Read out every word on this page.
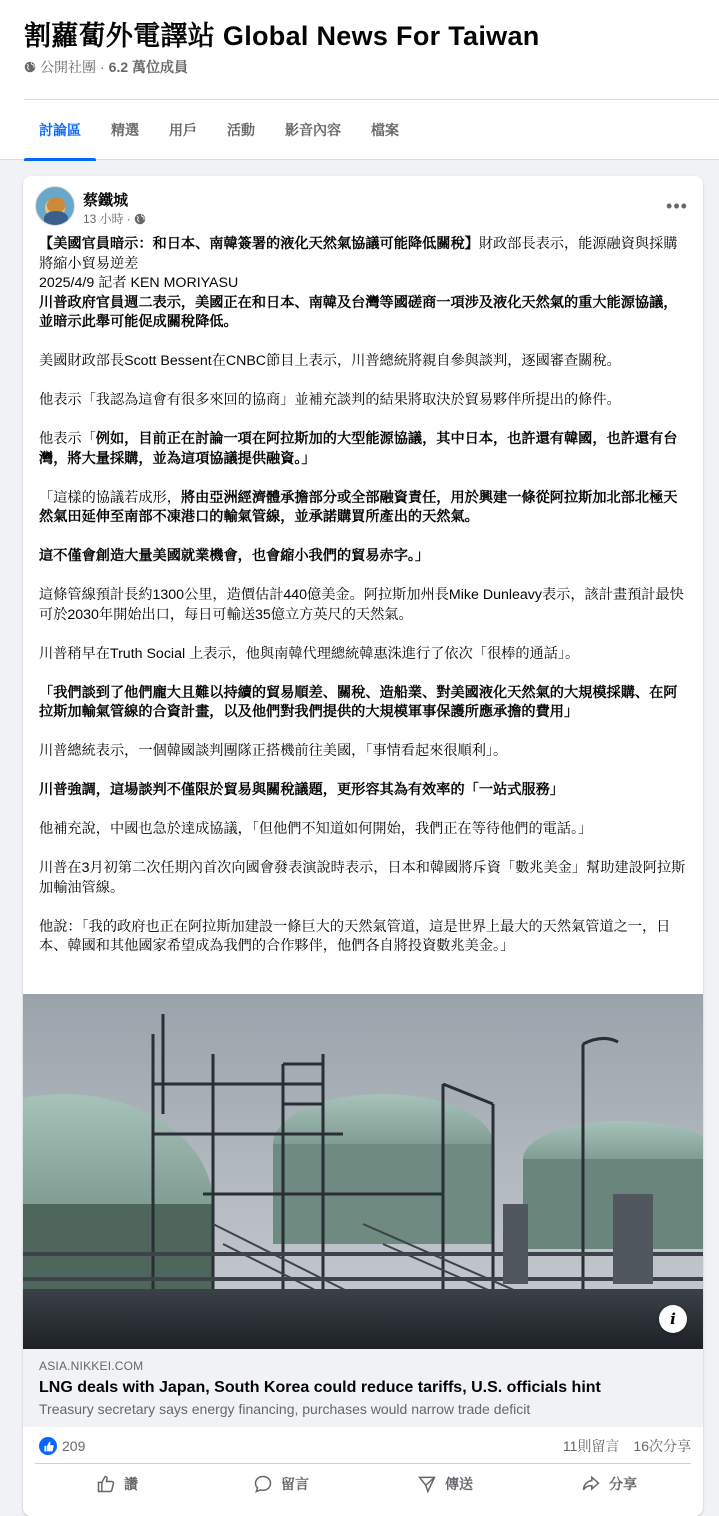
割蘿蔔外電譯站 Global News For Taiwan
公開社團 · 6.2 萬位成員
討論區	精選	用戶	活動	影音內容	檔案
蔡鐵城
13 小時 ·
•••
【美國官員暗示：和日本、南韓簽署的液化天然氣協議可能降低關稅】財政部長表示，能源融資與採購將縮小貿易逆差
2025/4/9 記者 KEN MORIYASU
川普政府官員週二表示，美國正在和日本、南韓及台灣等國磋商一項涉及液化天然氣的重大能源協議，並暗示此舉可能促成關稅降低。
美國財政部長Scott Bessent在CNBC節目上表示，川普總統將親自參與談判，逐國審查關稅。
他表示「我認為這會有很多來回的協商」並補充談判的結果將取決於貿易夥伴所提出的條件。
他表示「例如，目前正在討論一項在阿拉斯加的大型能源協議，其中日本，也許還有韓國，也許還有台灣，將大量採購，並為這項協議提供融資。」
「這樣的協議若成形，將由亞洲經濟體承擔部分或全部融資責任，用於興建一條從阿拉斯加北部北極天然氣田延伸至南部不凍港口的輸氣管線，並承諾購買所產出的天然氣。
這不僅會創造大量美國就業機會，也會縮小我們的貿易赤字。」
這條管線預計長約1300公里，造價估計440億美金。阿拉斯加州長Mike Dunleavy表示，該計畫預計最快可於2030年開始出口，每日可輸送35億立方英尺的天然氣。
川普稍早在Truth Social 上表示，他與南韓代理總統韓惠洙進行了依次「很棒的通話」。
「我們談到了他們龐大且難以持續的貿易順差、關稅、造船業、對美國液化天然氣的大規模採購、在阿拉斯加輸氣管線的合資計畫，以及他們對我們提供的大規模軍事保護所應承擔的費用」
川普總統表示，一個韓國談判團隊正搭機前往美國，「事情看起來很順利」。
川普強調，這場談判不僅限於貿易與關稅議題，更形容其為有效率的「一站式服務」
他補充說，中國也急於達成協議，「但他們不知道如何開始，我們正在等待他們的電話。」
川普在3月初第二次任期內首次向國會發表演說時表示，日本和韓國將斥資「數兆美金」幫助建設阿拉斯加輸油管線。
他說：「我的政府也正在阿拉斯加建設一條巨大的天然氣管道，這是世界上最大的天然氣管道之一，日本、韓國和其他國家希望成為我們的合作夥伴，他們各自將投資數兆美金。」
i
ASIA.NIKKEI.COM
LNG deals with Japan, South Korea could reduce tariffs, U.S. officials hint
Treasury secretary says energy financing, purchases would narrow trade deficit
209	11則留言 16次分享
讚	留言	傳送	分享
